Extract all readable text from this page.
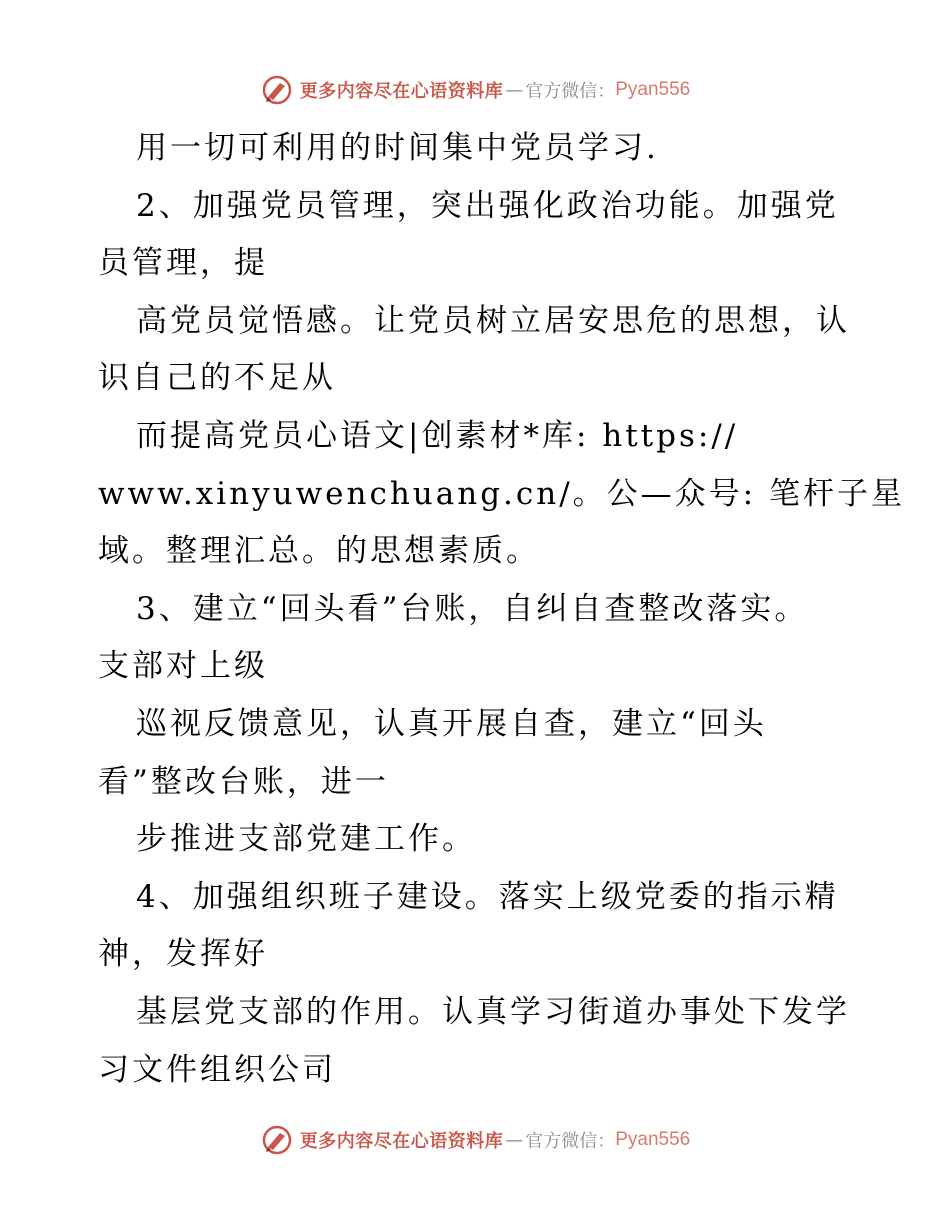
更多内容尽在心语资料库 — 官方微信： Pyan556
用一切可利用的时间集中党员学习.
2、加强党员管理，突出强化政治功能。加强党
员管理，提
高党员觉悟感。让党员树立居安思危的思想，认
识自己的不足从
而提高党员心语文|创素材*库: https://
www.xinyuwenchuang.cn/。公—众号: 笔杆子星
域。整理汇总。的思想素质。
3、建立“回头看”台账，自纠自查整改落实。
支部对上级
巡视反馈意见，认真开展自查，建立“回头
看”整改台账，进一
步推进支部党建工作。
4、加强组织班子建设。落实上级党委的指示精
神，发挥好
基层党支部的作用。认真学习街道办事处下发学
习文件组织公司
更多内容尽在心语资料库 — 官方微信： Pyan556
